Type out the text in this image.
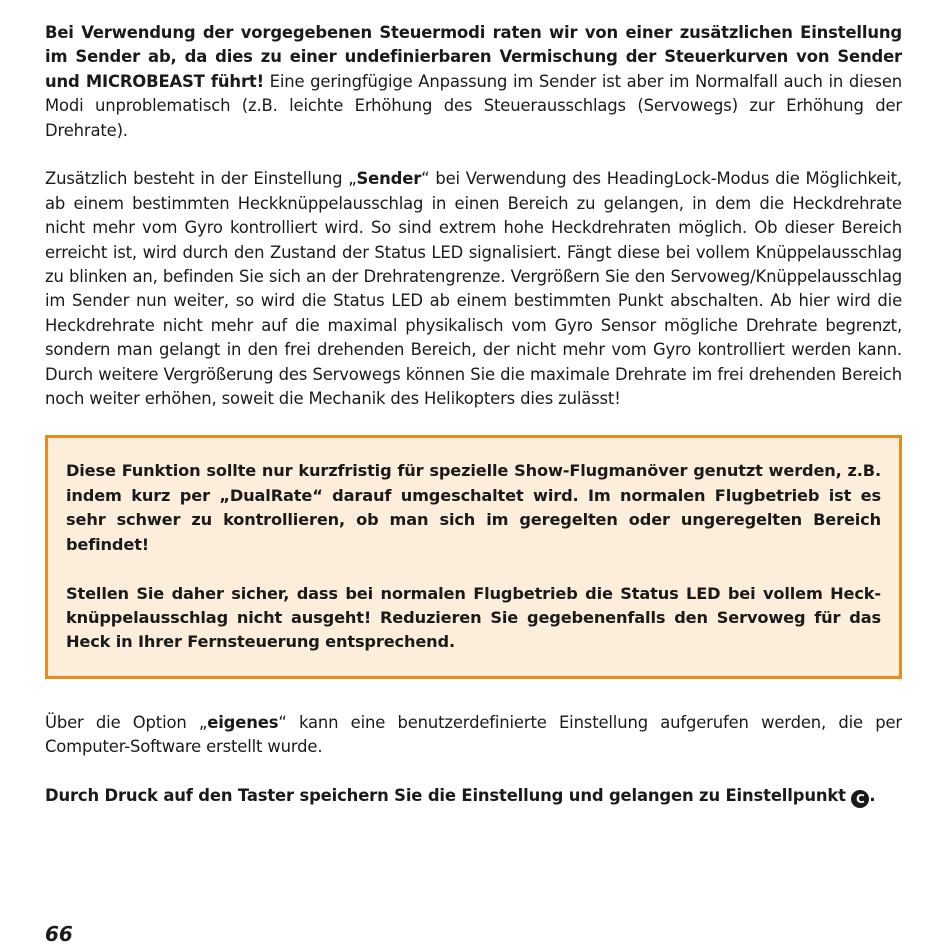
Bei Verwendung der vorgegebenen Steuermodi raten wir von einer zusätzlichen Einstellung im Sender ab, da dies zu einer undefinierbaren Vermischung der Steuerkurven von Sender und MICROBEAST führt! Eine geringfügige Anpassung im Sender ist aber im Normalfall auch in diesen Modi unproblematisch (z.B. leichte Erhöhung des Steuerausschlags (Servowegs) zur Erhöhung der Drehrate).

Zusätzlich besteht in der Einstellung „Sender“ bei Verwendung des HeadingLock-Modus die Möglichkeit, ab einem bestimmten Heckknüppelausschlag in einen Bereich zu gelangen, in dem die Heckdrehrate nicht mehr vom Gyro kontrolliert wird. So sind extrem hohe Heckdrehraten möglich. Ob dieser Bereich erreicht ist, wird durch den Zustand der Status LED signalisiert. Fängt diese bei vollem Knüppelausschlag zu blinken an, befinden Sie sich an der Drehratengrenze. Vergrößern Sie den Servoweg/Knüppelausschlag im Sender nun weiter, so wird die Status LED ab einem bestimmten Punkt abschalten. Ab hier wird die Heckdrehrate nicht mehr auf die maximal physikalisch vom Gyro Sensor mögliche Drehrate begrenzt, sondern man gelangt in den frei drehenden Bereich, der nicht mehr vom Gyro kontrolliert werden kann. Durch weitere Vergrößerung des Servowegs können Sie die maximale Drehrate im frei drehenden Bereich noch weiter erhöhen, soweit die Mechanik des Helikopters dies zulässt!

Diese Funktion sollte nur kurzfristig für spezielle Show-Flugmanöver genutzt werden, z.B. indem kurz per „DualRate“ darauf umgeschaltet wird. Im normalen Flugbetrieb ist es sehr schwer zu kontrollieren, ob man sich im geregelten oder ungeregelten Bereich befindet!

Stellen Sie daher sicher, dass bei normalen Flugbetrieb die Status LED bei vollem Heck-knüppelausschlag nicht ausgeht! Reduzieren Sie gegebenenfalls den Servoweg für das Heck in Ihrer Fernsteuerung entsprechend.

Über die Option „eigenes“ kann eine benutzerdefinierte Einstellung aufgerufen werden, die per Computer-Software erstellt wurde.

Durch Druck auf den Taster speichern Sie die Einstellung und gelangen zu Einstellpunkt C .

66
